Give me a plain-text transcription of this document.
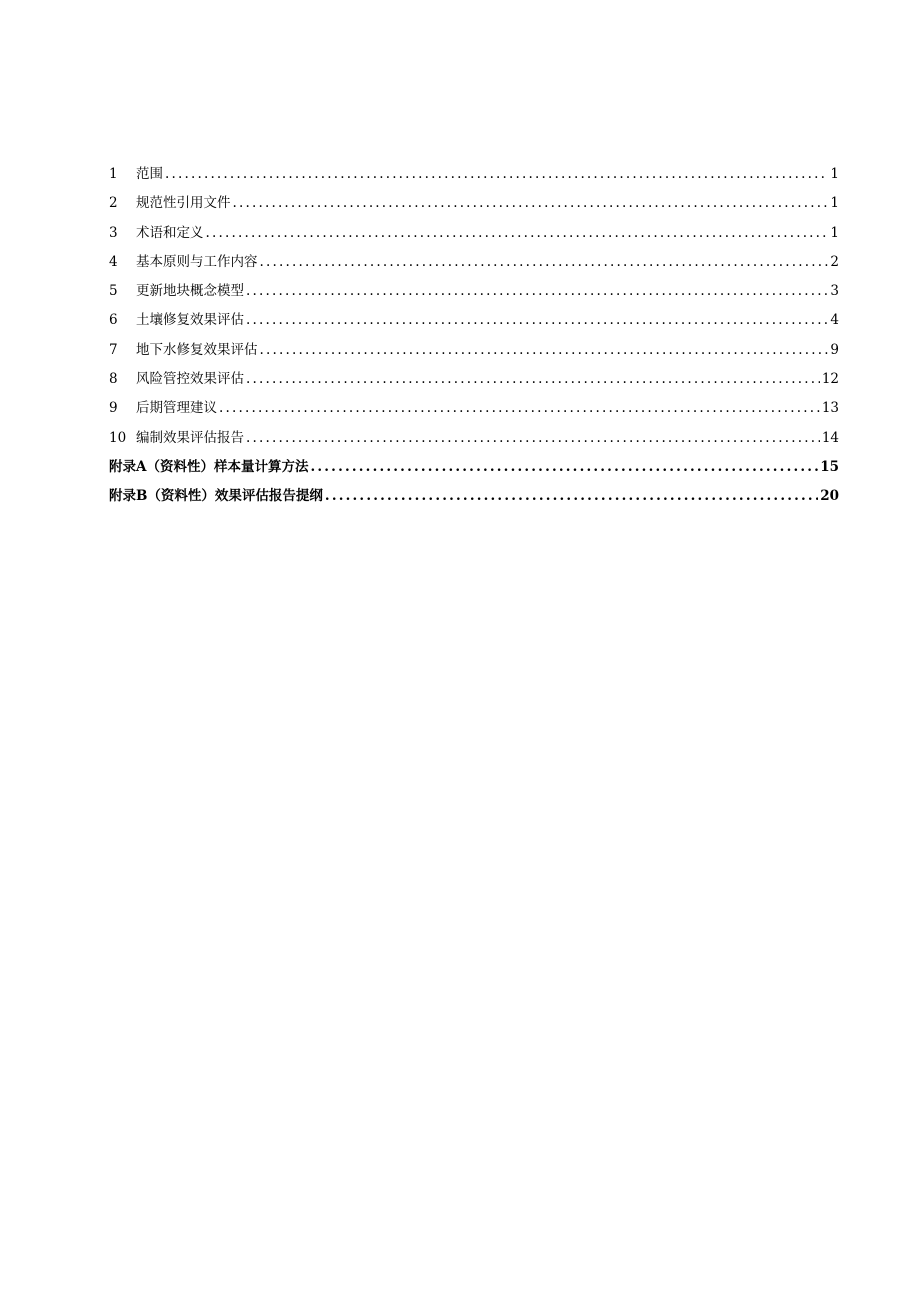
1	范围 .....	1
2	规范性引用文件 .....	1
3	术语和定义 .....	1
4	基本原则与工作内容 .....	2
5	更新地块概念模型 .....	3
6	土壤修复效果评估 .....	4
7	地下水修复效果评估 .....	9
8	风险管控效果评估 .....	12
9	后期管理建议 .....	13
10 编制效果评估报告 .....	14
附录A （资料性）样本量计算方法 .....	15
附录B （资料性）效果评估报告提纲 .....	20
